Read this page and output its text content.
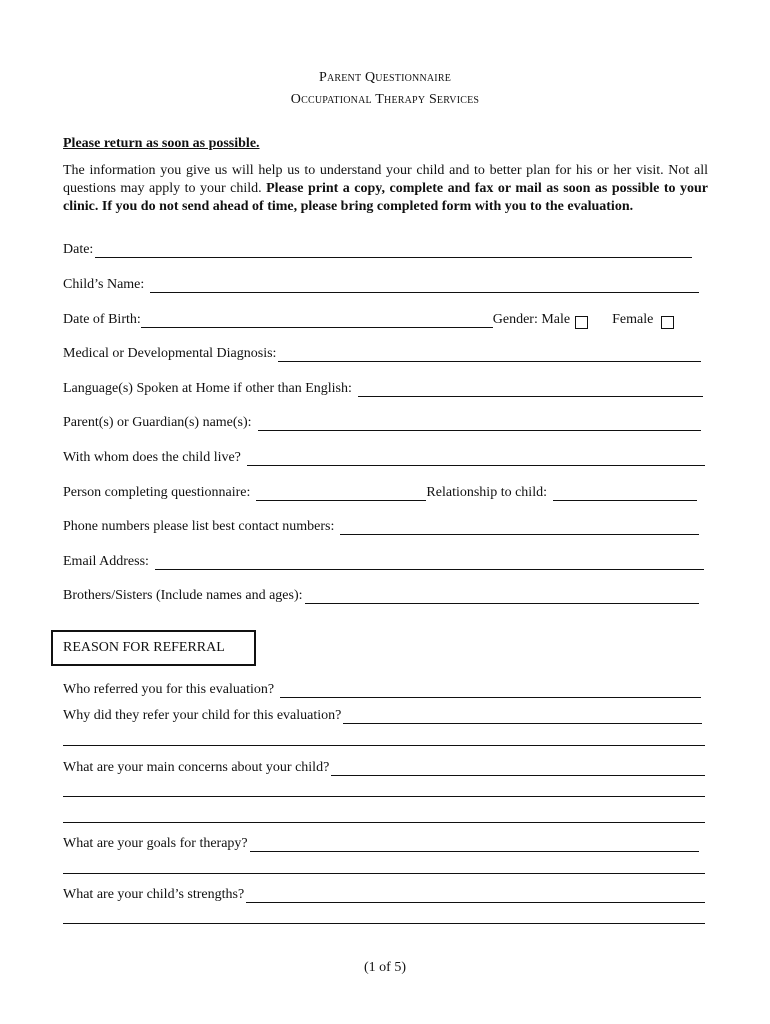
Parent Questionnaire
Occupational Therapy Services
Please return as soon as possible.
The information you give us will help us to understand your child and to better plan for his or her visit. Not all questions may apply to your child. Please print a copy, complete and fax or mail as soon as possible to your clinic. If you do not send ahead of time, please bring completed form with you to the evaluation.
Date:
Child’s Name:
Date of Birth:	Gender: Male	Female
Medical or Developmental Diagnosis:
Language(s) Spoken at Home if other than English:
Parent(s) or Guardian(s) name(s):
With whom does the child live?
Person completing questionnaire:	Relationship to child:
Phone numbers please list best contact numbers:
Email Address:
Brothers/Sisters (Include names and ages):
REASON FOR REFERRAL
Who referred you for this evaluation?
Why did they refer your child for this evaluation?
What are your main concerns about your child?
What are your goals for therapy?
What are your child’s strengths?
(1 of 5)
